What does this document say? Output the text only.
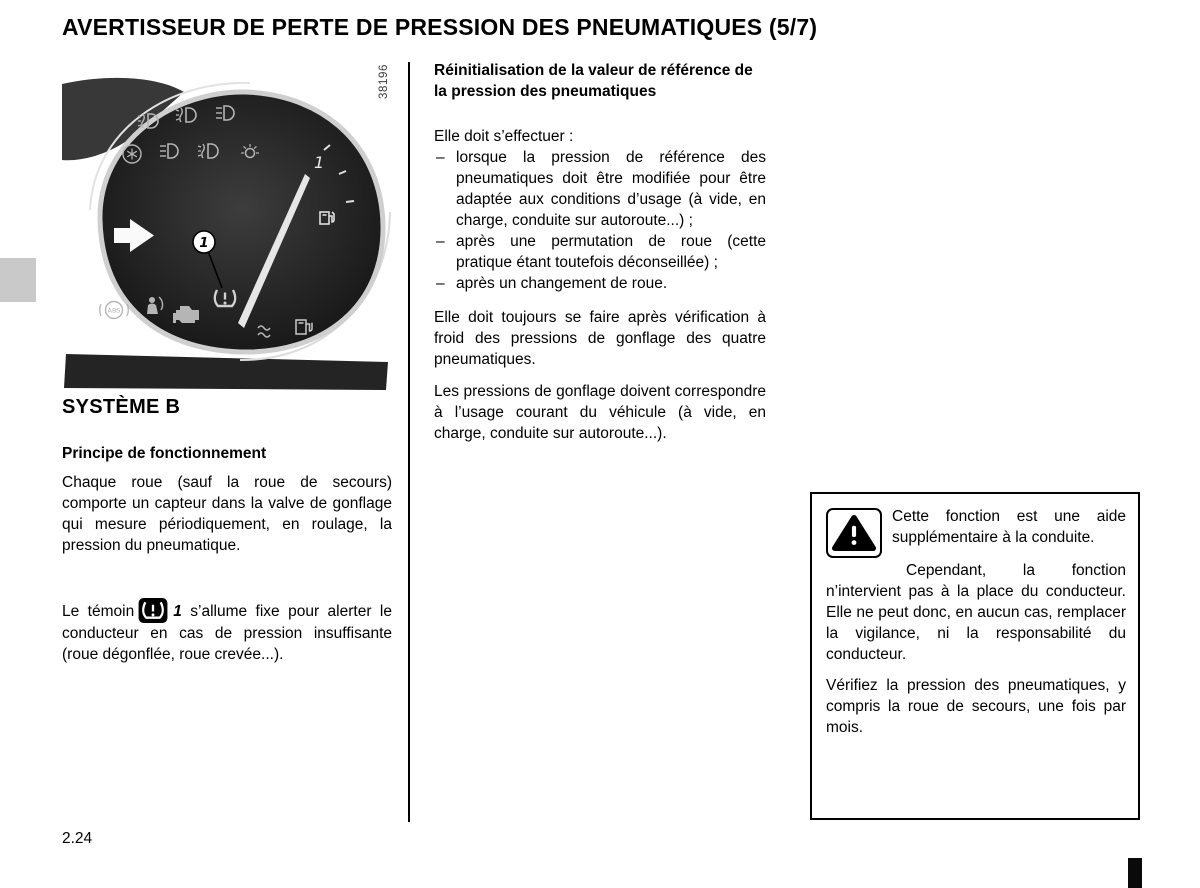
AVERTISSEUR DE PERTE DE PRESSION DES PNEUMATIQUES (5/7)
1
ABS
1
38196
SYSTÈME B
Principe de fonctionnement

Chaque roue (sauf la roue de secours) comporte un capteur dans la valve de gonflage qui mesure périodiquement, en roulage, la pression du pneumatique.

Le témoin	1 s’allume fixe pour alerter le conducteur en cas de pression insuffisante (roue dégonflée, roue crevée...).

Réinitialisation de la valeur de référence de la pression des pneumatiques

Elle doit s’effectuer :

– lorsque la pression de référence des pneumatiques doit être modifiée pour être adaptée aux conditions d’usage (à vide, en charge, conduite sur autoroute...) ;
– après une permutation de roue (cette pratique étant toutefois déconseillée) ;
– après un changement de roue.

Elle doit toujours se faire après vérification à froid des pressions de gonflage des quatre pneumatiques.

Les pressions de gonflage doivent correspondre à l’usage courant du véhicule (à vide, en charge, conduite sur autoroute...).

Cette fonction est une aide supplémentaire à la conduite.

Cependant, la fonction n’intervient pas à la place du conducteur. Elle ne peut donc, en aucun cas, remplacer la vigilance, ni la responsabilité du conducteur.

Vérifiez la pression des pneumatiques, y compris la roue de secours, une fois par mois.

2.24
